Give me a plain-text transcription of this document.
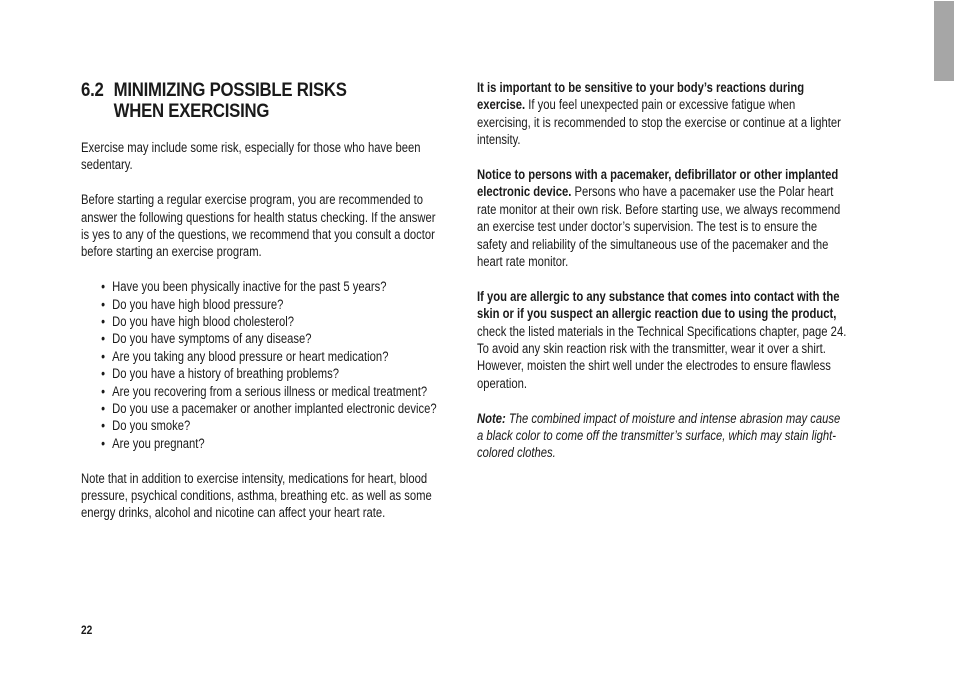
6.2 MINIMIZING POSSIBLE RISKS
WHEN EXERCISING

Exercise may include some risk, especially for those who have been sedentary.

Before starting a regular exercise program, you are recommended to answer the following questions for health status checking. If the answer is yes to any of the questions, we recommend that you consult a doctor before starting an exercise program.

• Have you been physically inactive for the past 5 years?
• Do you have high blood pressure?
• Do you have high blood cholesterol?
• Do you have symptoms of any disease?
• Are you taking any blood pressure or heart medication?
• Do you have a history of breathing problems?
• Are you recovering from a serious illness or medical treatment?
• Do you use a pacemaker or another implanted electronic device?
• Do you smoke?
• Are you pregnant?

Note that in addition to exercise intensity, medications for heart, blood pressure, psychical conditions, asthma, breathing etc. as well as some energy drinks, alcohol and nicotine can affect your heart rate.

It is important to be sensitive to your body’s reactions during exercise. If you feel unexpected pain or excessive fatigue when exercising, it is recommended to stop the exercise or continue at a lighter intensity.

Notice to persons with a pacemaker, defibrillator or other implanted electronic device. Persons who have a pacemaker use the Polar heart rate monitor at their own risk. Before starting use, we always recommend an exercise test under doctor’s supervision. The test is to ensure the safety and reliability of the simultaneous use of the pacemaker and the heart rate monitor.

If you are allergic to any substance that comes into contact with the skin or if you suspect an allergic reaction due to using the product, check the listed materials in the Technical Specifications chapter, page 24. To avoid any skin reaction risk with the transmitter, wear it over a shirt. However, moisten the shirt well under the electrodes to ensure flawless operation.

Note: The combined impact of moisture and intense abrasion may cause a black color to come off the transmitter’s surface, which may stain light-colored clothes.

22
